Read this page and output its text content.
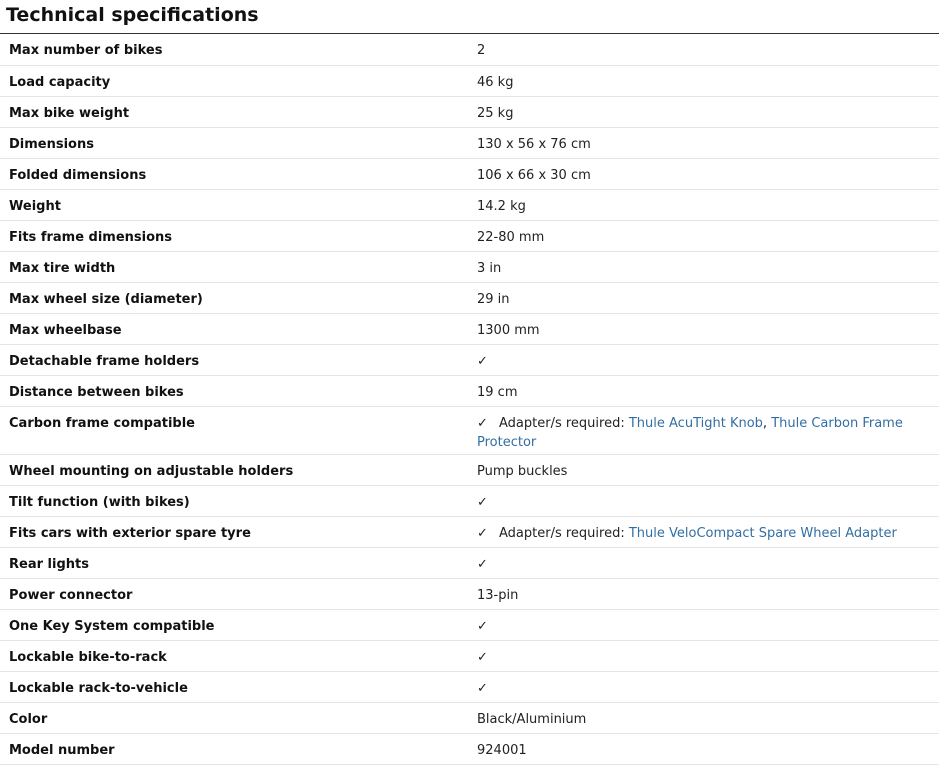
Technical specifications
Max number of bikes	2
Load capacity	46 kg
Max bike weight	25 kg
Dimensions	130 x 56 x 76 cm
Folded dimensions	106 x 66 x 30 cm
Weight	14.2 kg
Fits frame dimensions	22-80 mm
Max tire width	3 in
Max wheel size (diameter)	29 in
Max wheelbase	1300 mm
Detachable frame holders	✓
Distance between bikes	19 cm
Carbon frame compatible	✓ Adapter/s required: Thule AcuTight Knob, Thule Carbon Frame Protector
Wheel mounting on adjustable holders	Pump buckles
Tilt function (with bikes)	✓
Fits cars with exterior spare tyre	✓ Adapter/s required: Thule VeloCompact Spare Wheel Adapter
Rear lights	✓
Power connector	13-pin
One Key System compatible	✓
Lockable bike-to-rack	✓
Lockable rack-to-vehicle	✓
Color	Black/Aluminium
Model number	924001
